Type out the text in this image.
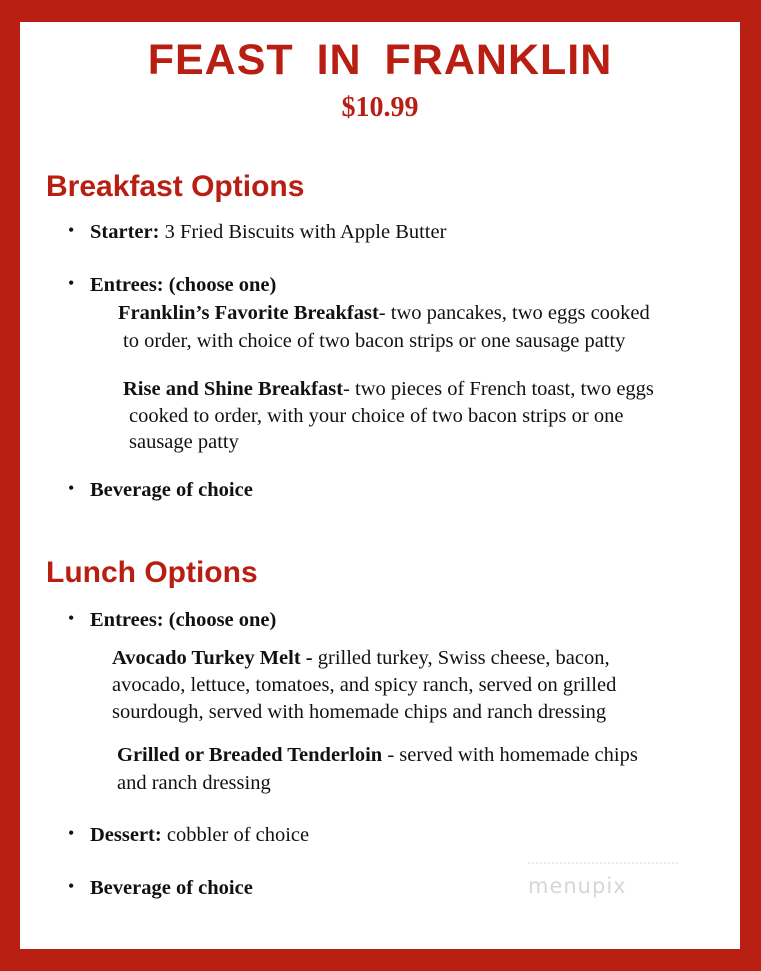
FEAST IN FRANKLIN
$10.99
Breakfast Options
• Starter: 3 Fried Biscuits with Apple Butter
• Entrees: (choose one)
Franklin’s Favorite Breakfast- two pancakes, two eggs cooked
to order, with choice of two bacon strips or one sausage patty
Rise and Shine Breakfast- two pieces of French toast, two eggs
cooked to order, with your choice of two bacon strips or one
sausage patty
• Beverage of choice
Lunch Options
• Entrees: (choose one)
Avocado Turkey Melt - grilled turkey, Swiss cheese, bacon,
avocado, lettuce, tomatoes, and spicy ranch, served on grilled
sourdough, served with homemade chips and ranch dressing
Grilled or Breaded Tenderloin - served with homemade chips
and ranch dressing
• Dessert: cobbler of choice
• Beverage of choice	menupix
